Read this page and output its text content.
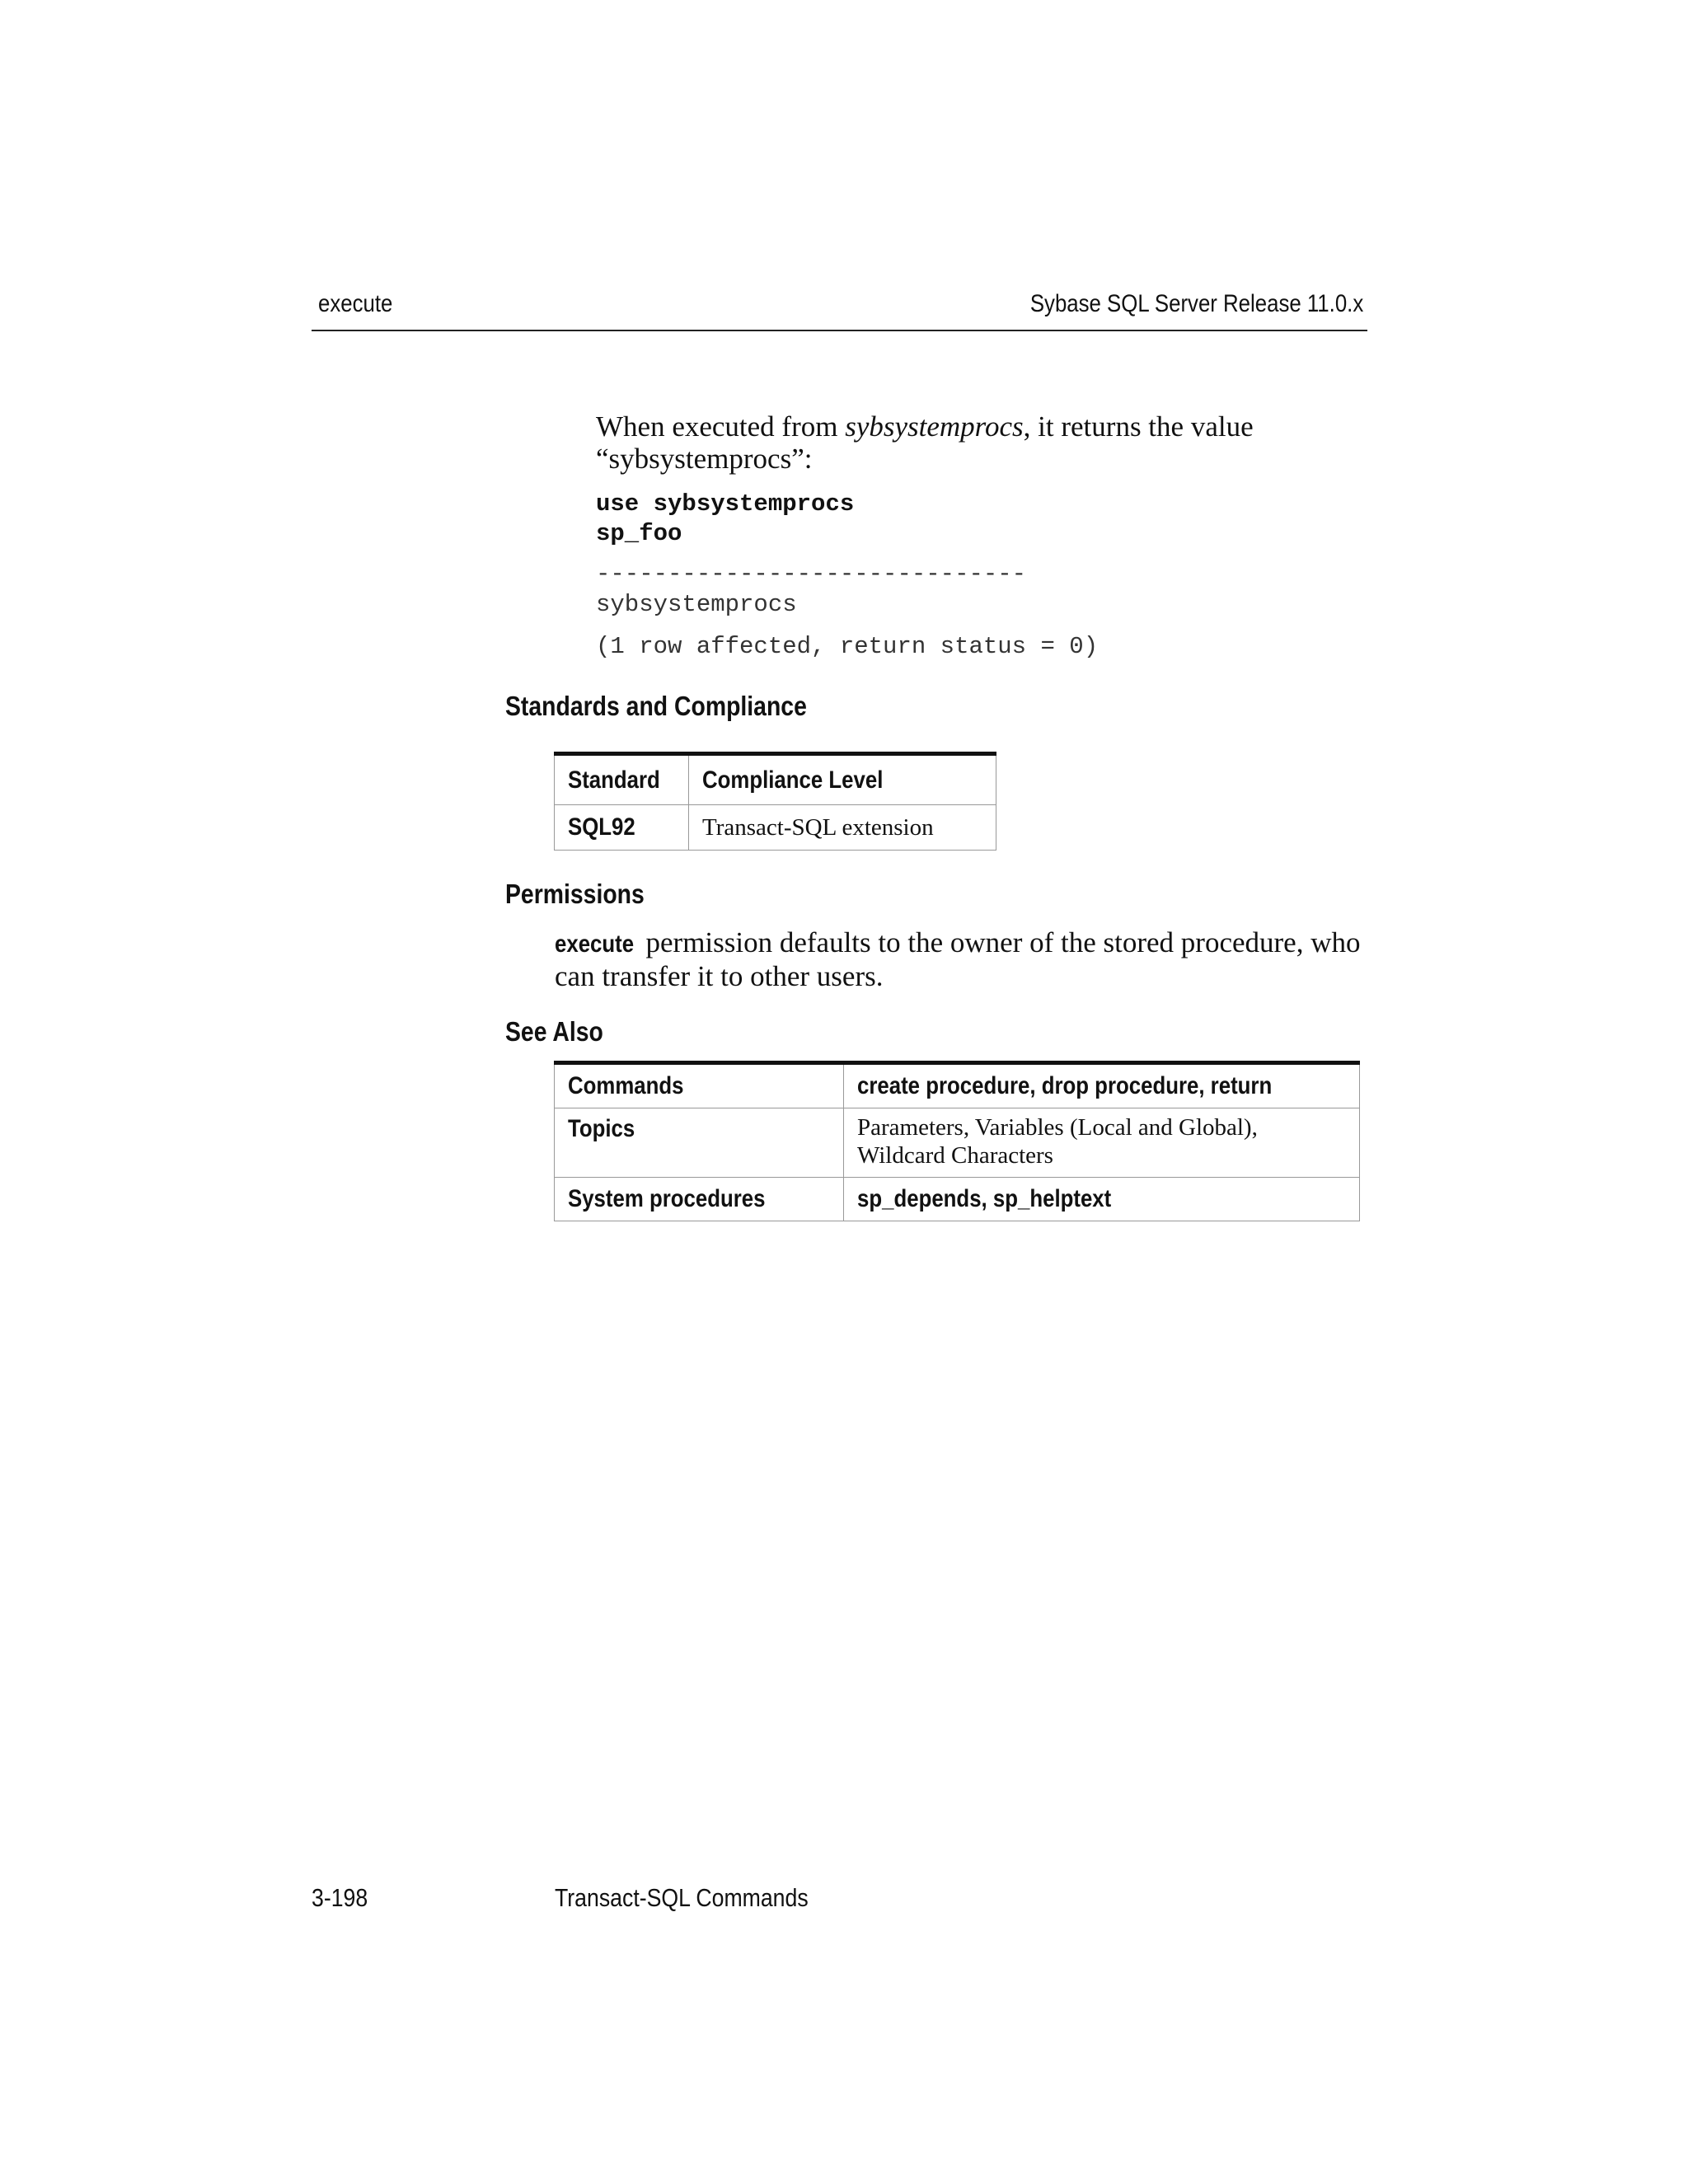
execute	Sybase SQL Server Release 11.0.x
When executed from sybsystemprocs, it returns the value “sybsystemprocs”:
use sybsystemprocs
sp_foo
------------------------------
sybsystemprocs
(1 row affected, return status = 0)
Standards and Compliance
Standard	Compliance Level
SQL92	Transact-SQL extension
Permissions
execute permission defaults to the owner of the stored procedure, who can transfer it to other users.
See Also
Commands	create procedure, drop procedure, return
Topics	Parameters, Variables (Local and Global), Wildcard Characters
System procedures	sp_depends, sp_helptext
3-198	Transact-SQL Commands
